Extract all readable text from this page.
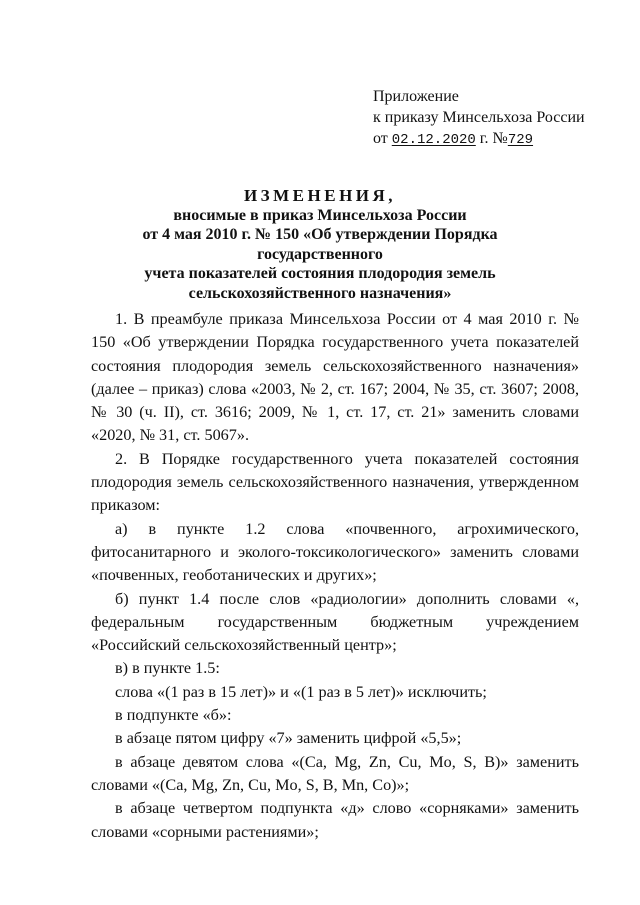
Приложение
к приказу Минсельхоза России
от 02.12.2020 г. №729
ИЗМЕНЕНИЯ,
вносимые в приказ Минсельхоза России
от 4 мая 2010 г. № 150 «Об утверждении Порядка государственного
учета показателей состояния плодородия земель
сельскохозяйственного назначения»

1. В преамбуле приказа Минсельхоза России от 4 мая 2010 г. № 150 «Об утверждении Порядка государственного учета показателей состояния плодородия земель сельскохозяйственного назначения» (далее – приказ) слова «2003, № 2, ст. 167; 2004, № 35, ст. 3607; 2008, № 30 (ч. II), ст. 3616; 2009, № 1, ст. 17, ст. 21» заменить словами «2020, № 31, ст. 5067».

2. В Порядке государственного учета показателей состояния плодородия земель сельскохозяйственного назначения, утвержденном приказом:

а) в пункте 1.2 слова «почвенного, агрохимического, фитосанитарного и эколого-токсикологического» заменить словами «почвенных, геоботанических и других»;

б) пункт 1.4 после слов «радиологии» дополнить словами «, федеральным государственным бюджетным учреждением «Российский сельскохозяйственный центр»;

в) в пункте 1.5:

слова «(1 раз в 15 лет)» и «(1 раз в 5 лет)» исключить;

в подпункте «б»:

в абзаце пятом цифру «7» заменить цифрой «5,5»;

в абзаце девятом слова «(Ca, Mg, Zn, Cu, Mo, S, B)» заменить словами «(Ca, Mg, Zn, Cu, Mo, S, B, Mn, Co)»;

в абзаце четвертом подпункта «д» слово «сорняками» заменить словами «сорными растениями»;
